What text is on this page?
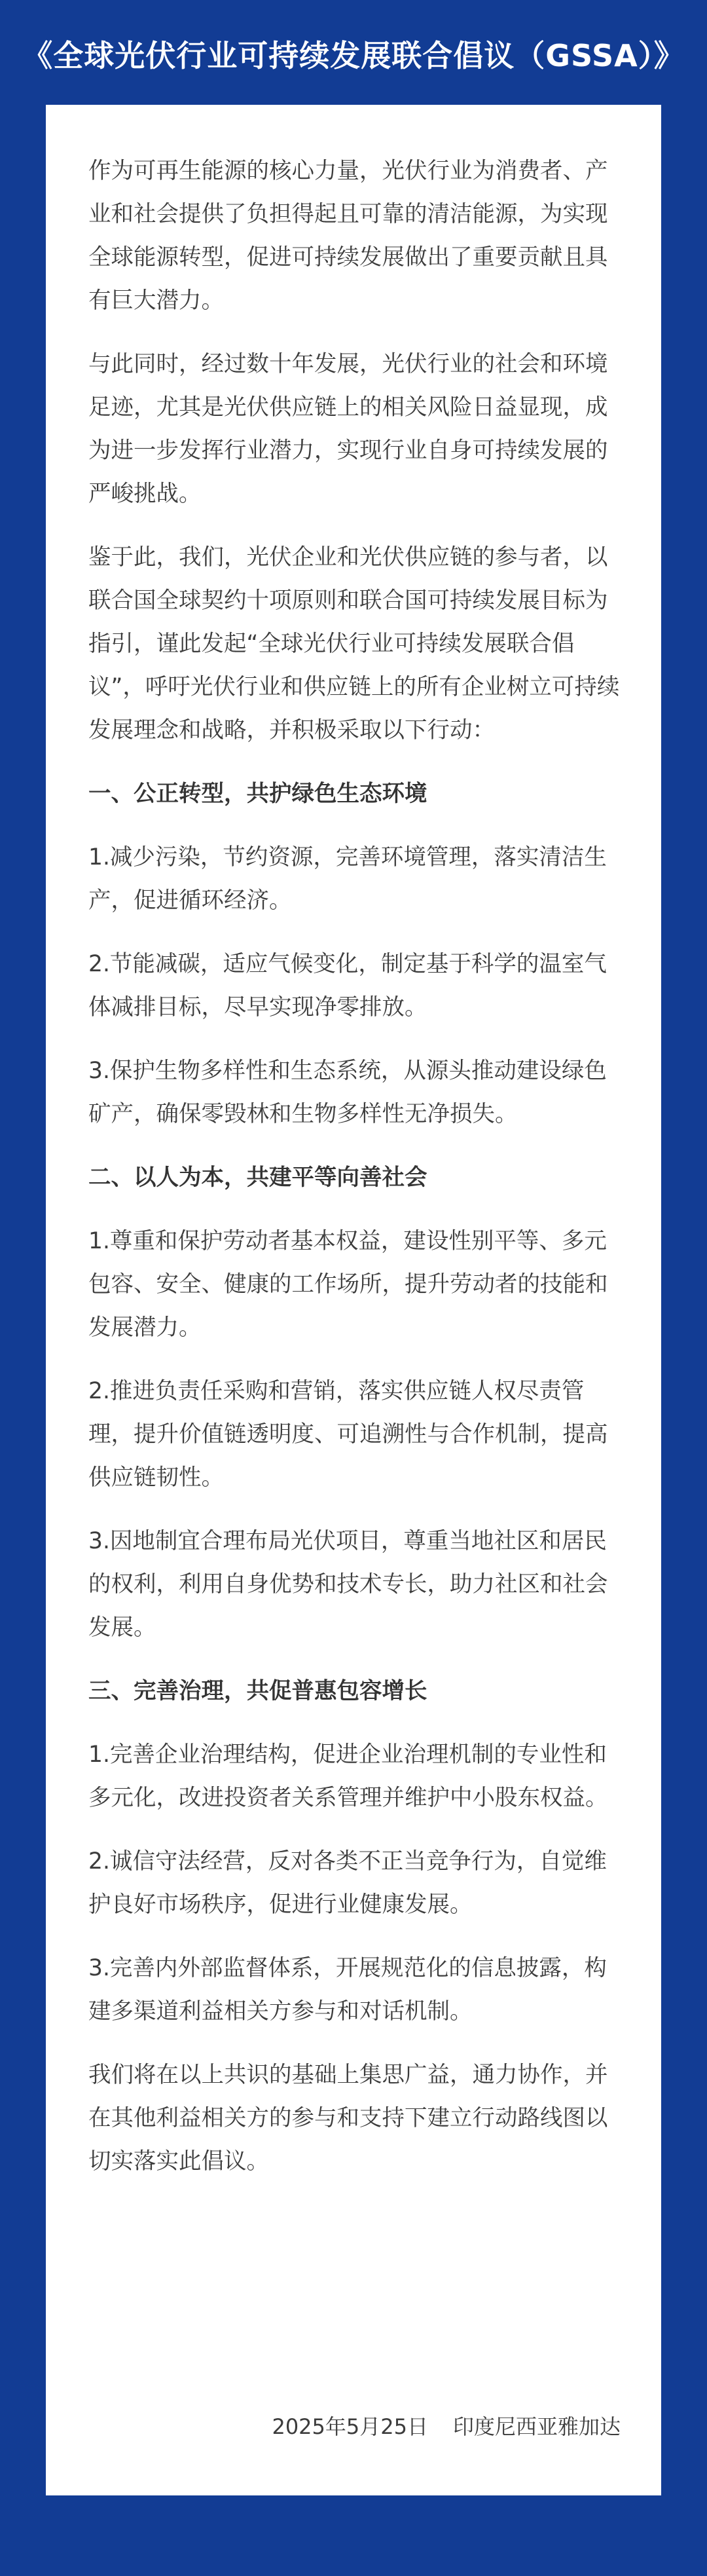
《全球光伏行业可持续发展联合倡议（GSSA）》
作为可再生能源的核心力量，光伏行业为消费者、产业和社会提供了负担得起且可靠的清洁能源，为实现全球能源转型，促进可持续发展做出了重要贡献且具有巨大潜力。
与此同时，经过数十年发展，光伏行业的社会和环境足迹，尤其是光伏供应链上的相关风险日益显现，成为进一步发挥行业潜力，实现行业自身可持续发展的严峻挑战。
鉴于此，我们，光伏企业和光伏供应链的参与者，以联合国全球契约十项原则和联合国可持续发展目标为指引，谨此发起“全球光伏行业可持续发展联合倡议”，呼吁光伏行业和供应链上的所有企业树立可持续发展理念和战略，并积极采取以下行动：
一、公正转型，共护绿色生态环境
1.减少污染，节约资源，完善环境管理，落实清洁生产，促进循环经济。
2.节能减碳，适应气候变化，制定基于科学的温室气体减排目标，尽早实现净零排放。
3.保护生物多样性和生态系统，从源头推动建设绿色矿产，确保零毁林和生物多样性无净损失。
二、以人为本，共建平等向善社会
1.尊重和保护劳动者基本权益，建设性别平等、多元包容、安全、健康的工作场所，提升劳动者的技能和发展潜力。
2.推进负责任采购和营销，落实供应链人权尽责管理，提升价值链透明度、可追溯性与合作机制，提高供应链韧性。
3.因地制宜合理布局光伏项目，尊重当地社区和居民的权利，利用自身优势和技术专长，助力社区和社会发展。
三、完善治理，共促普惠包容增长
1.完善企业治理结构，促进企业治理机制的专业性和多元化，改进投资者关系管理并维护中小股东权益。
2.诚信守法经营，反对各类不正当竞争行为，自觉维护良好市场秩序，促进行业健康发展。
3.完善内外部监督体系，开展规范化的信息披露，构建多渠道利益相关方参与和对话机制。
我们将在以上共识的基础上集思广益，通力协作，并在其他利益相关方的参与和支持下建立行动路线图以切实落实此倡议。
2025年5月25日 印度尼西亚雅加达
